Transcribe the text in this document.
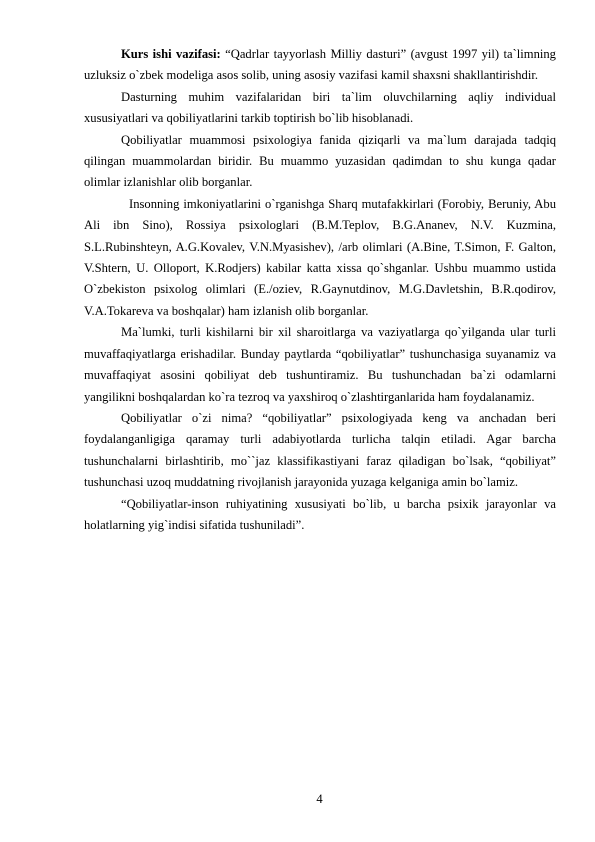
Kurs ishi vazifasi: “Qadrlar tayyorlash Milliy dasturi” (avgust 1997 yil) ta`limning uzluksiz o`zbek modeliga asos solib, uning asosiy vazifasi kamil shaxsni shakllantirishdir.

Dasturning muhim vazifalaridan biri ta`lim oluvchilarning aqliy individual xususiyatlari va qobiliyatlarini tarkib toptirish bo`lib hisoblanadi.

Qobiliyatlar muammosi psixologiya fanida qiziqarli va ma`lum darajada tadqiq qilingan muammolardan biridir. Bu muammo yuzasidan qadimdan to shu kunga qadar olimlar izlanishlar olib borganlar.

Insonning imkoniyatlarini o`rganishga Sharq mutafakkirlari (Forobiy, Beruniy, Abu Ali ibn Sino), Rossiya psixologlari (B.M.Teplov, B.G.Ananev, N.V. Kuzmina, S.L.Rubinshteyn, A.G.Kovalev, V.N.Myasishev), /arb olimlari (A.Bine, T.Simon, F. Galton, V.Shtern, U. Olloport, K.Rodjers) kabilar katta xissa qo`shganlar. Ushbu muammo ustida O`zbekiston psixolog olimlari (E./oziev, R.Gaynutdinov, M.G.Davletshin, B.R.qodirov, V.A.Tokareva va boshqalar) ham izlanish olib borganlar.

Ma`lumki, turli kishilarni bir xil sharoitlarga va vaziyatlarga qo`yilganda ular turli muvaffaqiyatlarga erishadilar. Bunday paytlarda “qobiliyatlar” tushunchasiga suyanamiz va muvaffaqiyat asosini qobiliyat deb tushuntiramiz. Bu tushunchadan ba`zi odamlarni yangilikni boshqalardan ko`ra tezroq va yaxshiroq o`zlashtirganlarida ham foydalanamiz.

Qobiliyatlar o`zi nima? “qobiliyatlar” psixologiyada keng va anchadan beri foydalanganligiga qaramay turli adabiyotlarda turlicha talqin etiladi. Agar barcha tushunchalarni birlashtirib, mo``jaz klassifikastiyani faraz qiladigan bo`lsak, “qobiliyat” tushunchasi uzoq muddatning rivojlanish jarayonida yuzaga kelganiga amin bo`lamiz.

“Qobiliyatlar-inson ruhiyatining xususiyati bo`lib, u barcha psixik jarayonlar va holatlarning yig`indisi sifatida tushuniladi”.

4
